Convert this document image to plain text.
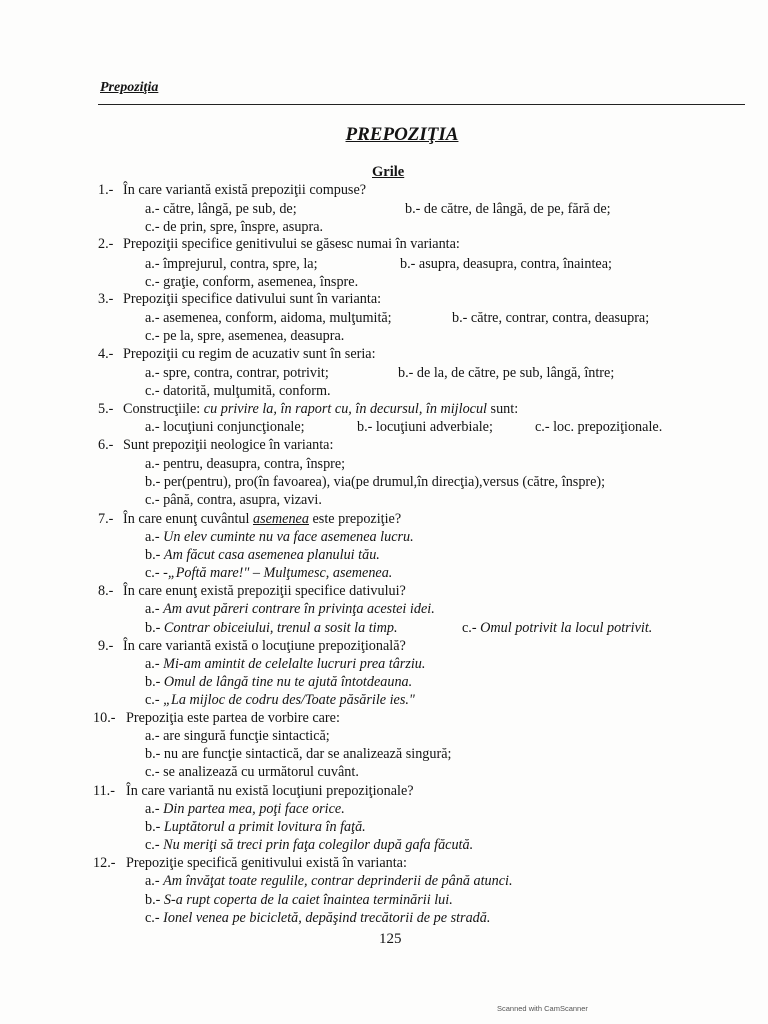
Prepoziţia
PREPOZIŢIA
Grile
1.- În care variantă există prepoziţii compuse?
a.- către, lângă, pe sub, de;	b.- de către, de lângă, de pe, fără de;
c.- de prin, spre, înspre, asupra.
2.- Prepoziţii specifice genitivului se găsesc numai în varianta:
a.- împrejurul, contra, spre, la;	b.- asupra, deasupra, contra, înaintea;
c.- graţie, conform, asemenea, înspre.
3.- Prepoziţii specifice dativului sunt în varianta:
a.- asemenea, conform, aidoma, mulţumită;	b.- către, contrar, contra, deasupra;
c.- pe la, spre, asemenea, deasupra.
4.- Prepoziţii cu regim de acuzativ sunt în seria:
a.- spre, contra, contrar, potrivit;	b.- de la, de către, pe sub, lângă, între;
c.- datorită, mulţumită, conform.
5.- Construcţiile: cu privire la, în raport cu, în decursul, în mijlocul sunt:
a.- locuţiuni conjuncţionale;	b.- locuţiuni adverbiale;	c.- loc. prepoziţionale.
6.- Sunt prepoziţii neologice în varianta:
a.- pentru, deasupra, contra, înspre;
b.- per(pentru), pro(în favoarea), via(pe drumul,în direcţia),versus (către, înspre);
c.- până, contra, asupra, vizavi.
7.- În care enunţ cuvântul asemenea este prepoziţie?
a.- Un elev cuminte nu va face asemenea lucru.
b.- Am făcut casa asemenea planului tău.
c.- -„Poftă mare!" – Mulţumesc, asemenea.
8.- În care enunţ există prepoziţii specifice dativului?
a.- Am avut păreri contrare în privinţa acestei idei.
b.- Contrar obiceiului, trenul a sosit la timp.	c.- Omul potrivit la locul potrivit.
9.- În care variantă există o locuţiune prepoziţională?
a.- Mi-am amintit de celelalte lucruri prea târziu.
b.- Omul de lângă tine nu te ajută întotdeauna.
c.- „La mijloc de codru des/Toate păsările ies."
10.- Prepoziţia este partea de vorbire care:
a.- are singură funcţie sintactică;
b.- nu are funcţie sintactică, dar se analizează singură;
c.- se analizează cu următorul cuvânt.
11.- În care variantă nu există locuţiuni prepoziţionale?
a.- Din partea mea, poţi face orice.
b.- Luptătorul a primit lovitura în faţă.
c.- Nu meriţi să treci prin faţa colegilor după gafa făcută.
12.- Prepoziţie specifică genitivului există în varianta:
a.- Am învăţat toate regulile, contrar deprinderii de până atunci.
b.- S-a rupt coperta de la caiet înaintea terminării lui.
c.- Ionel venea pe bicicletă, depăşind trecătorii de pe stradă.
125
Scanned with CamScanner
